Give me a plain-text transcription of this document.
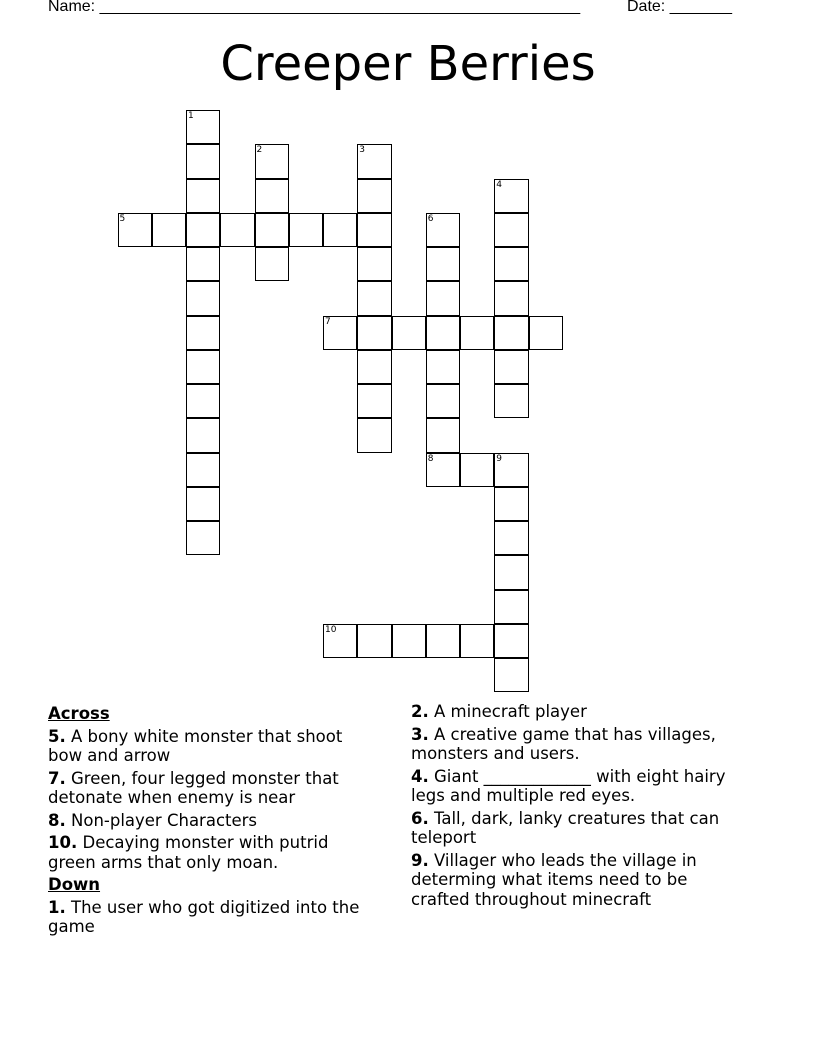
Name: ______________________________________________________	Date: _______
Creeper Berries
1
2	3
4
5	6
8
7
9
10
Across
5. A bony white monster that shoot bow and arrow
7. Green, four legged monster that detonate when enemy is near
8. Non-player Characters
10. Decaying monster with putrid green arms that only moan.
Down
1. The user who got digitized into the game
2. A minecraft player
3. A creative game that has villages, monsters and users.
4. Giant _____________ with eight hairy legs and multiple red eyes.
6. Tall, dark, lanky creatures that can teleport
9. Villager who leads the village in determing what items need to be crafted throughout minecraft
